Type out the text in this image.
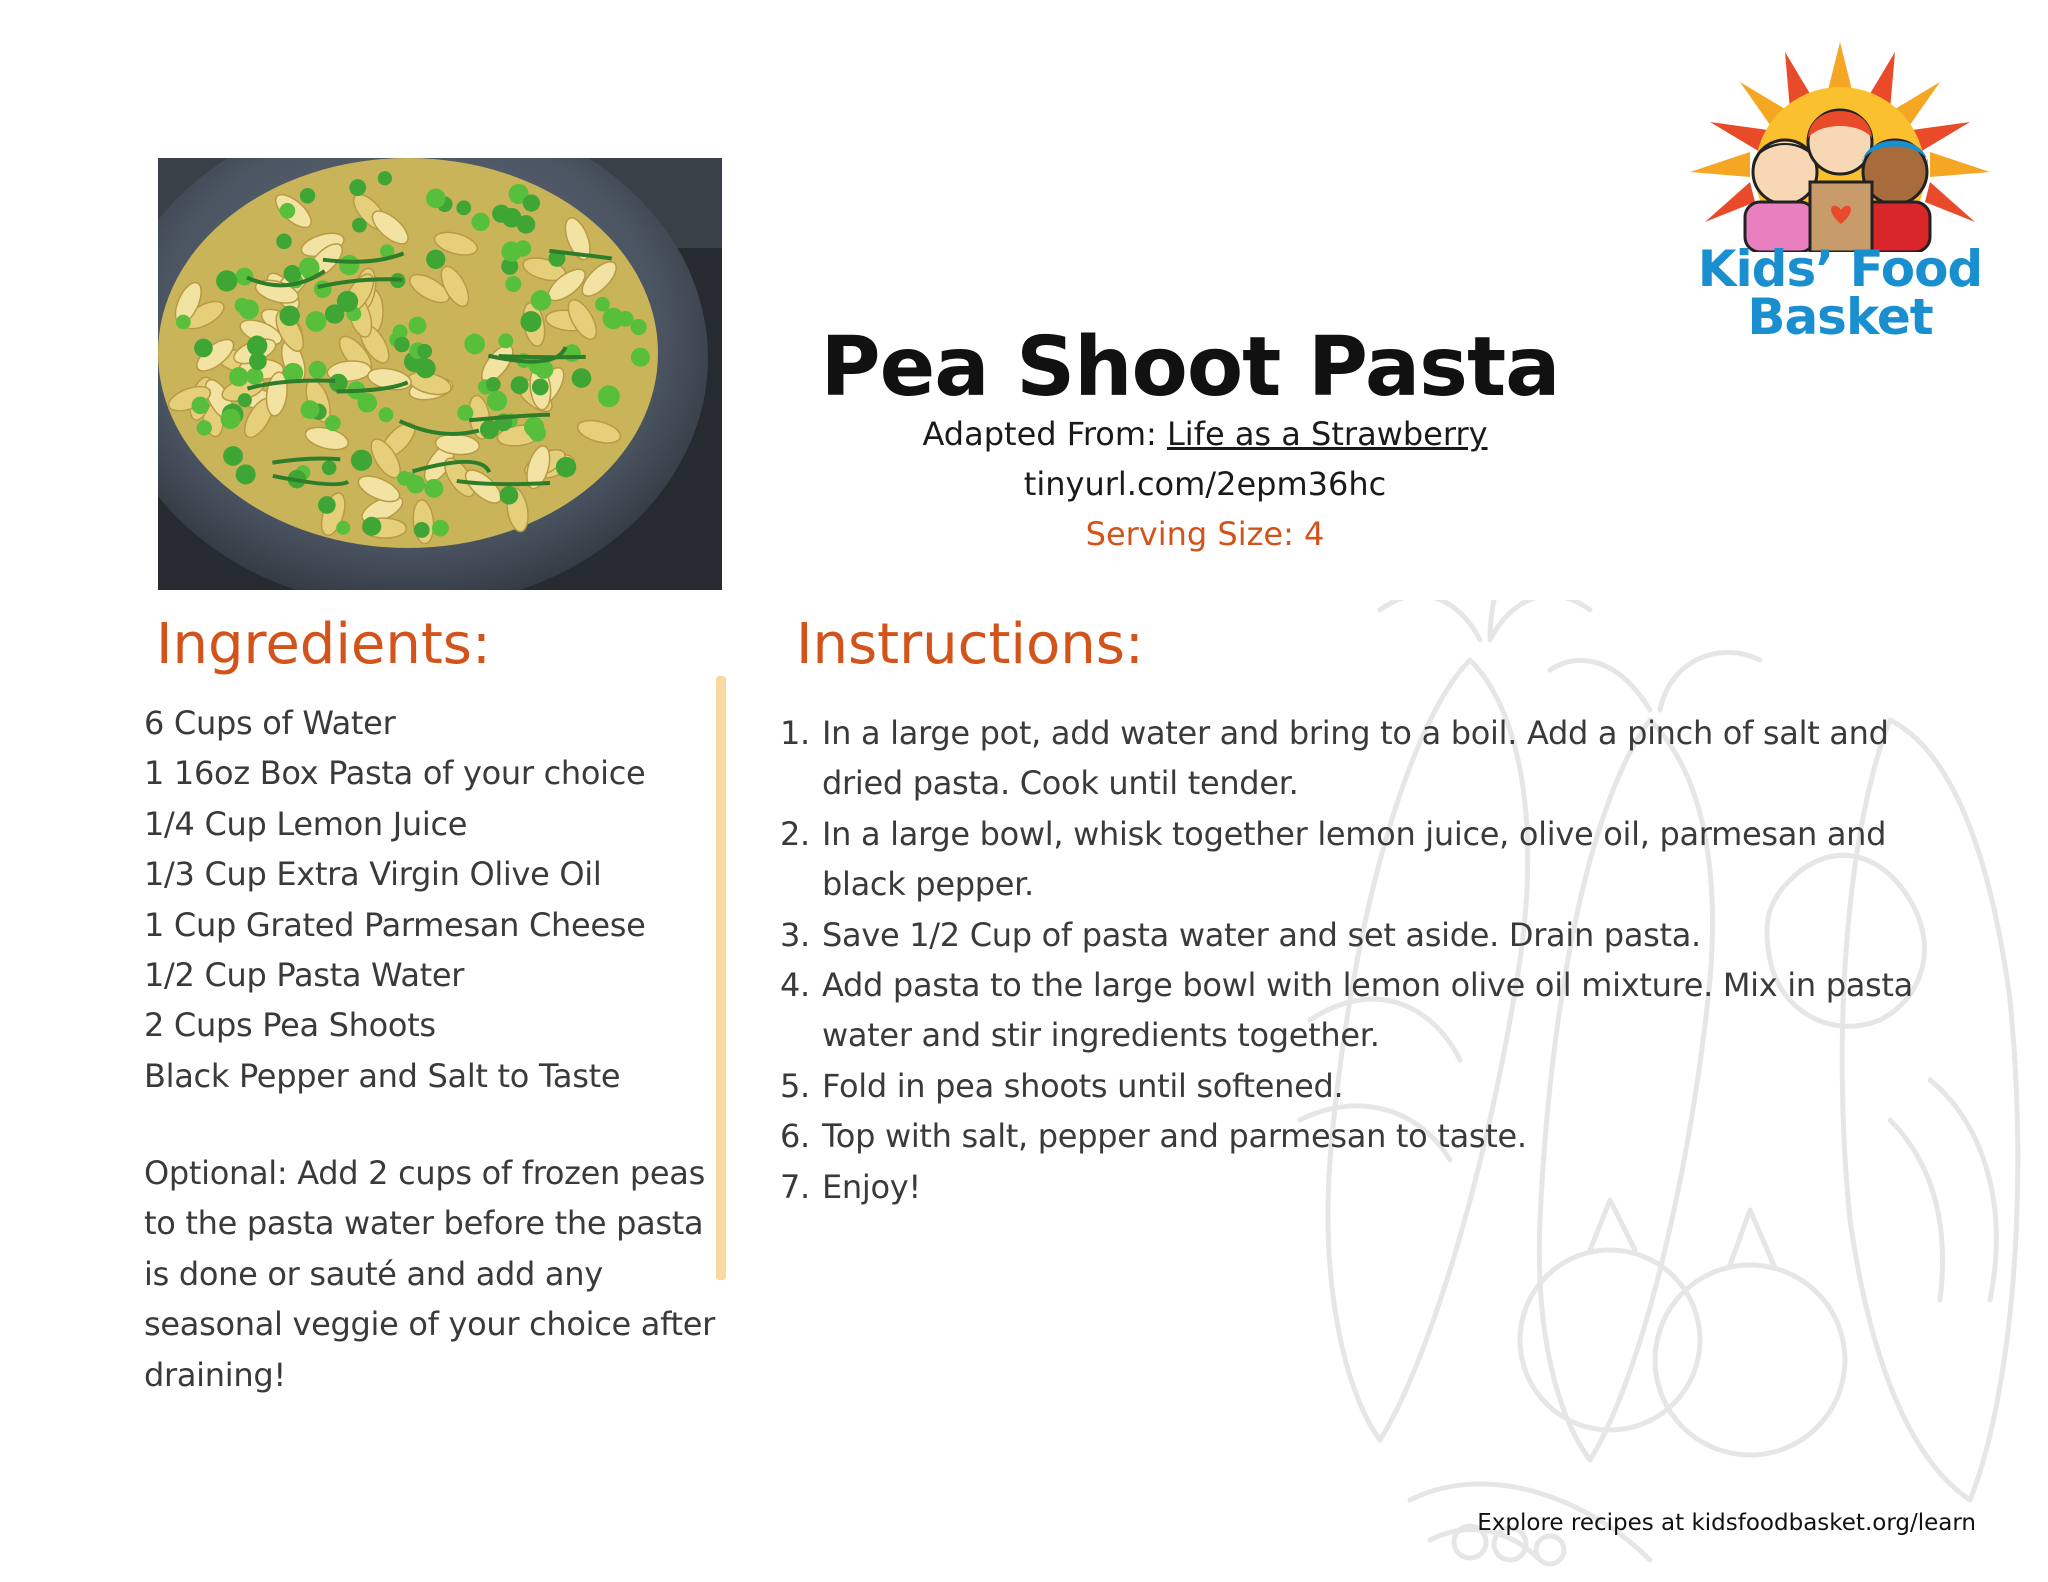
Kids’ Food
Basket
Pea Shoot Pasta
Adapted From: Life as a Strawberry
tinyurl.com/2epm36hc
Serving Size: 4
Ingredients:	Instructions:
6 Cups of Water
1 16oz Box Pasta of your choice
1/4 Cup Lemon Juice
1/3 Cup Extra Virgin Olive Oil
1 Cup Grated Parmesan Cheese
1/2 Cup Pasta Water
2 Cups Pea Shoots
Black Pepper and Salt to Taste
Optional: Add 2 cups of frozen peas to the pasta water before the pasta is done or sauté and add any seasonal veggie of your choice after draining!
1. In a large pot, add water and bring to a boil. Add a pinch of salt and dried pasta. Cook until tender.
2. In a large bowl, whisk together lemon juice, olive oil, parmesan and black pepper.
3. Save 1/2 Cup of pasta water and set aside. Drain pasta.
4. Add pasta to the large bowl with lemon olive oil mixture. Mix in pasta water and stir ingredients together.
5. Fold in pea shoots until softened.
6. Top with salt, pepper and parmesan to taste.
7. Enjoy!
Explore recipes at kidsfoodbasket.org/learn
